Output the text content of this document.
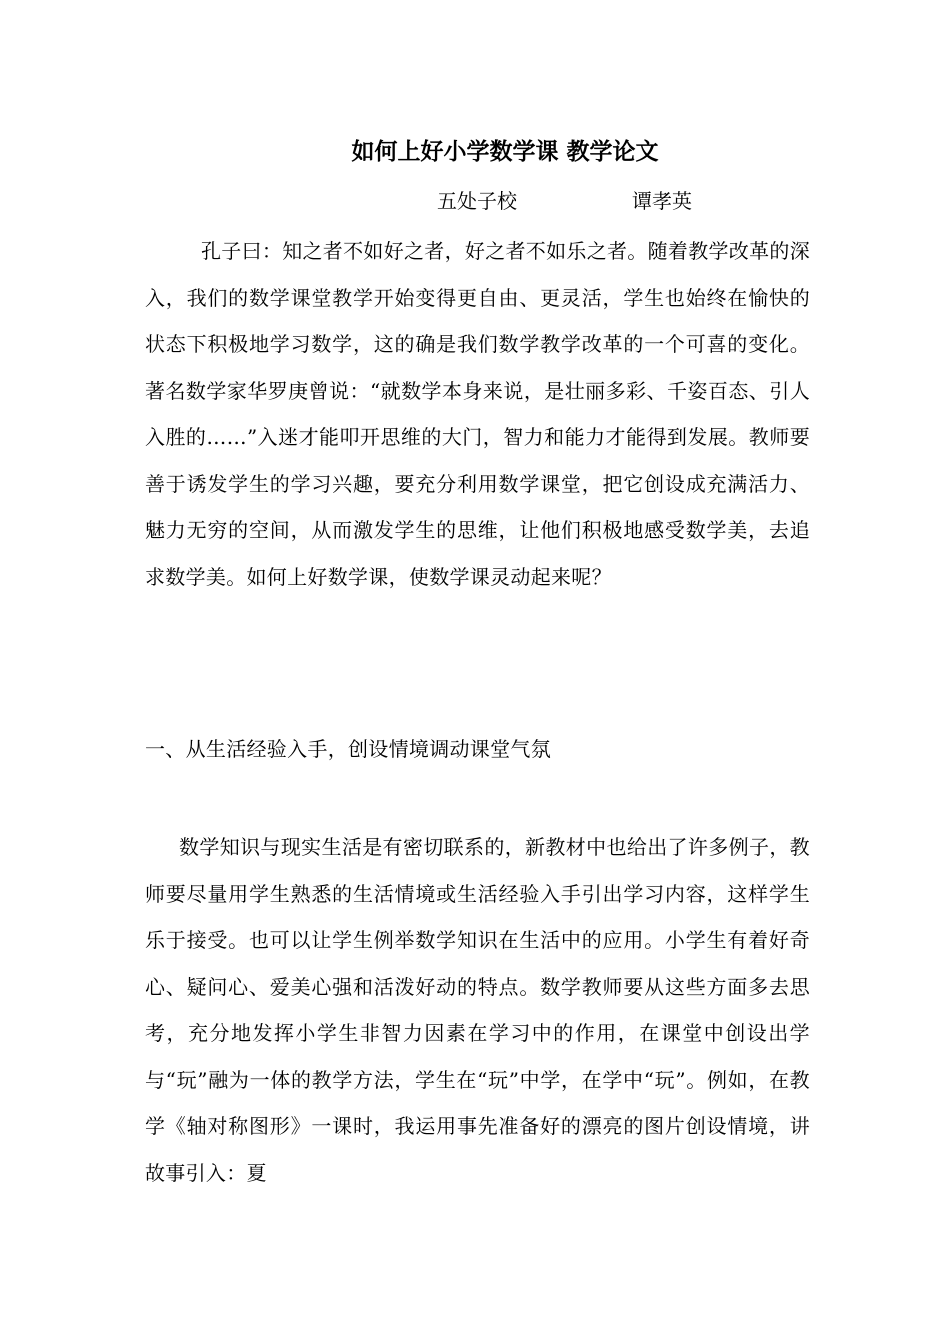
如何上好小学数学课 教学论文
五处子校	谭孝英
孔子曰：知之者不如好之者，好之者不如乐之者。随着教学改革的深入，我们的数学课堂教学开始变得更自由、更灵活，学生也始终在愉快的状态下积极地学习数学，这的确是我们数学教学改革的一个可喜的变化。著名数学家华罗庚曾说：“就数学本身来说，是壮丽多彩、千姿百态、引人入胜的……”入迷才能叩开思维的大门，智力和能力才能得到发展。教师要善于诱发学生的学习兴趣，要充分利用数学课堂，把它创设成充满活力、魅力无穷的空间，从而激发学生的思维，让他们积极地感受数学美，去追求数学美。如何上好数学课，使数学课灵动起来呢？
一、从生活经验入手，创设情境调动课堂气氛
数学知识与现实生活是有密切联系的，新教材中也给出了许多例子，教师要尽量用学生熟悉的生活情境或生活经验入手引出学习内容，这样学生乐于接受。也可以让学生例举数学知识在生活中的应用。小学生有着好奇心、疑问心、爱美心强和活泼好动的特点。数学教师要从这些方面多去思考，充分地发挥小学生非智力因素在学习中的作用，在课堂中创设出学与“玩”融为一体的教学方法，学生在“玩”中学，在学中“玩”。例如，在教学《轴对称图形》一课时，我运用事先准备好的漂亮的图片创设情境，讲故事引入：夏
